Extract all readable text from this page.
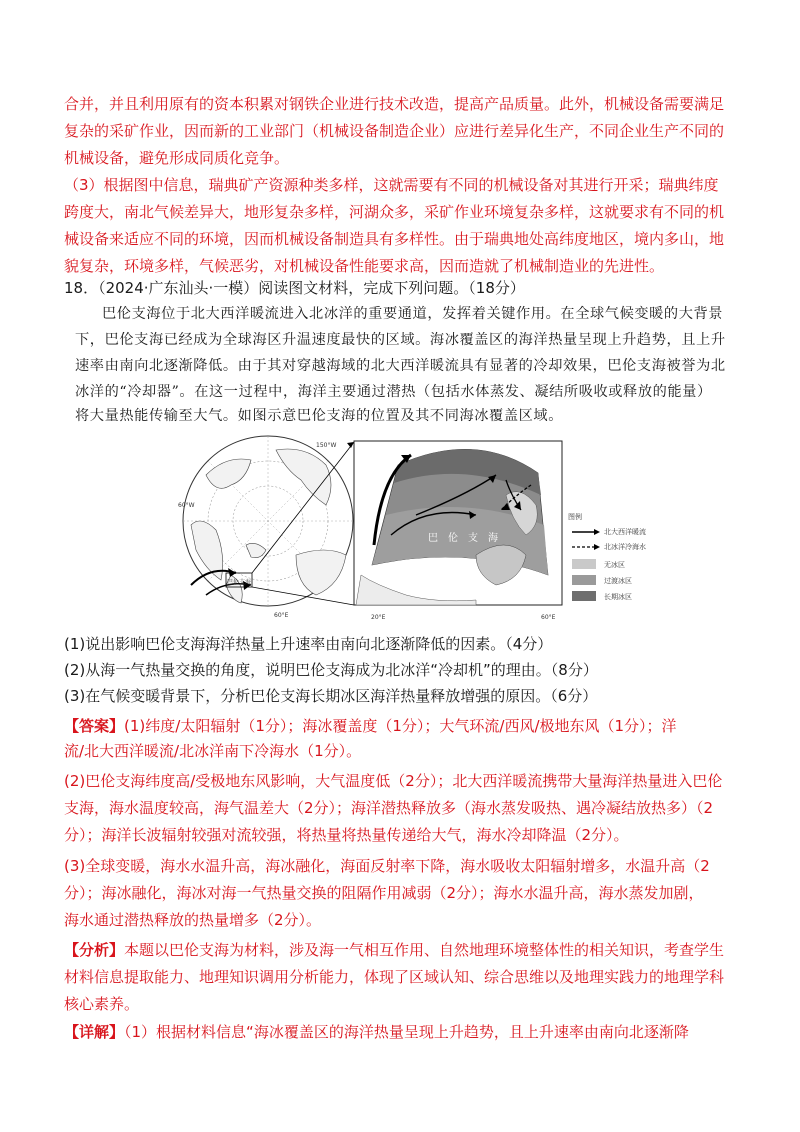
合并，并且利用原有的资本积累对钢铁企业进行技术改造，提高产品质量。此外，机械设备需要满足
复杂的采矿作业，因而新的工业部门（机械设备制造企业）应进行差异化生产，不同企业生产不同的
机械设备，避免形成同质化竞争。
（3）根据图中信息，瑞典矿产资源种类多样，这就需要有不同的机械设备对其进行开采；瑞典纬度
跨度大，南北气候差异大，地形复杂多样，河湖众多，采矿作业环境复杂多样，这就要求有不同的机
械设备来适应不同的环境，因而机械设备制造具有多样性。由于瑞典地处高纬度地区，境内多山，地
貌复杂，环境多样，气候恶劣，对机械设备性能要求高，因而造就了机械制造业的先进性。
18．（2024·广东汕头·一模）阅读图文材料，完成下列问题。（18分）
巴伦支海位于北大西洋暖流进入北冰洋的重要通道，发挥着关键作用。在全球气候变暖的大背景
下，巴伦支海已经成为全球海区升温速度最快的区域。海冰覆盖区的海洋热量呈现上升趋势，且上升
速率由南向北逐渐降低。由于其对穿越海域的北大西洋暖流具有显著的冷却效果，巴伦支海被誉为北
冰洋的“冷却器”。在这一过程中，海洋主要通过潜热（包括水体蒸发、凝结所吸收或释放的能量）
将大量热能传输至大气。如图示意巴伦支海的位置及其不同海冰覆盖区域。
巴伦支海
150°W
60°W
60°E
巴　伦　支　海
20°E	60°E
图例
北大西洋暖流
北冰洋冷海水
无冰区
过渡冰区
长期冰区
(1)说出影响巴伦支海海洋热量上升速率由南向北逐渐降低的因素。（4分）
(2)从海一气热量交换的角度，说明巴伦支海成为北冰洋“冷却机”的理由。（8分）
(3)在气候变暖背景下，分析巴伦支海长期冰区海洋热量释放增强的原因。（6分）
【答案】(1)纬度/太阳辐射（1分）；海冰覆盖度（1分）；大气环流/西风/极地东风（1分）；洋
流/北大西洋暖流/北冰洋南下冷海水（1分）。
(2)巴伦支海纬度高/受极地东风影响，大气温度低（2分）；北大西洋暖流携带大量海洋热量进入巴伦
支海，海水温度较高，海气温差大（2分）；海洋潜热释放多（海水蒸发吸热、遇冷凝结放热多）（2
分）；海洋长波辐射较强对流较强，将热量将热量传递给大气，海水冷却降温（2分）。
(3)全球变暖，海水水温升高，海冰融化，海面反射率下降，海水吸收太阳辐射增多，水温升高（2
分）；海冰融化，海冰对海一气热量交换的阻隔作用减弱（2分）；海水水温升高，海水蒸发加剧，
海水通过潜热释放的热量增多（2分）。
【分析】本题以巴伦支海为材料，涉及海一气相互作用、自然地理环境整体性的相关知识，考查学生
材料信息提取能力、地理知识调用分析能力，体现了区域认知、综合思维以及地理实践力的地理学科
核心素养。
【详解】（1）根据材料信息“海冰覆盖区的海洋热量呈现上升趋势，且上升速率由南向北逐渐降
